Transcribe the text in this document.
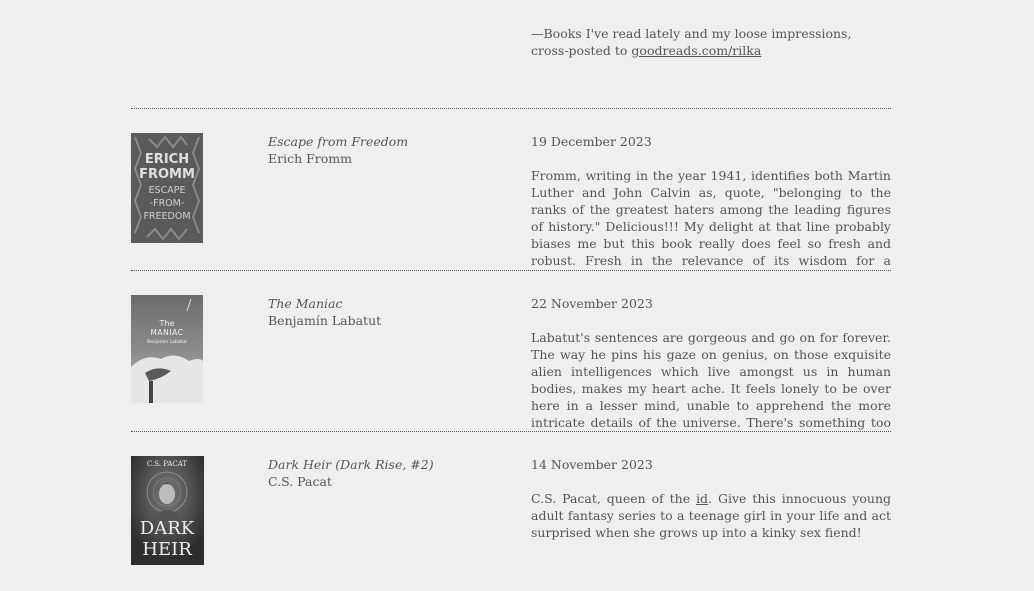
—Books I've read lately and my loose impressions, cross-posted to goodreads.com/rilka
ERICH
FROMM
ESCAPE
-FROM-
FREEDOM
Escape from Freedom
Erich Fromm
19 December 2023
Fromm, writing in the year 1941, identifies both Martin Luther and John Calvin as, quote, "belonging to the ranks of the greatest haters among the leading figures of history." Delicious!!! My delight at that line probably biases me but this book really does feel so fresh and robust. Fresh in the relevance of its wisdom for a
The
MANIAC
Benjamín Labatut
The Maniac
Benjamín Labatut
22 November 2023
Labatut's sentences are gorgeous and go on for forever. The way he pins his gaze on genius, on those exquisite alien intelligences which live amongst us in human bodies, makes my heart ache. It feels lonely to be over here in a lesser mind, unable to apprehend the more intricate details of the universe. There's something too
C.S. PACAT
DARK
HEIR
Dark Heir (Dark Rise, #2)
C.S. Pacat
14 November 2023
C.S. Pacat, queen of the id. Give this innocuous young adult fantasy series to a teenage girl in your life and act surprised when she grows up into a kinky sex fiend!
